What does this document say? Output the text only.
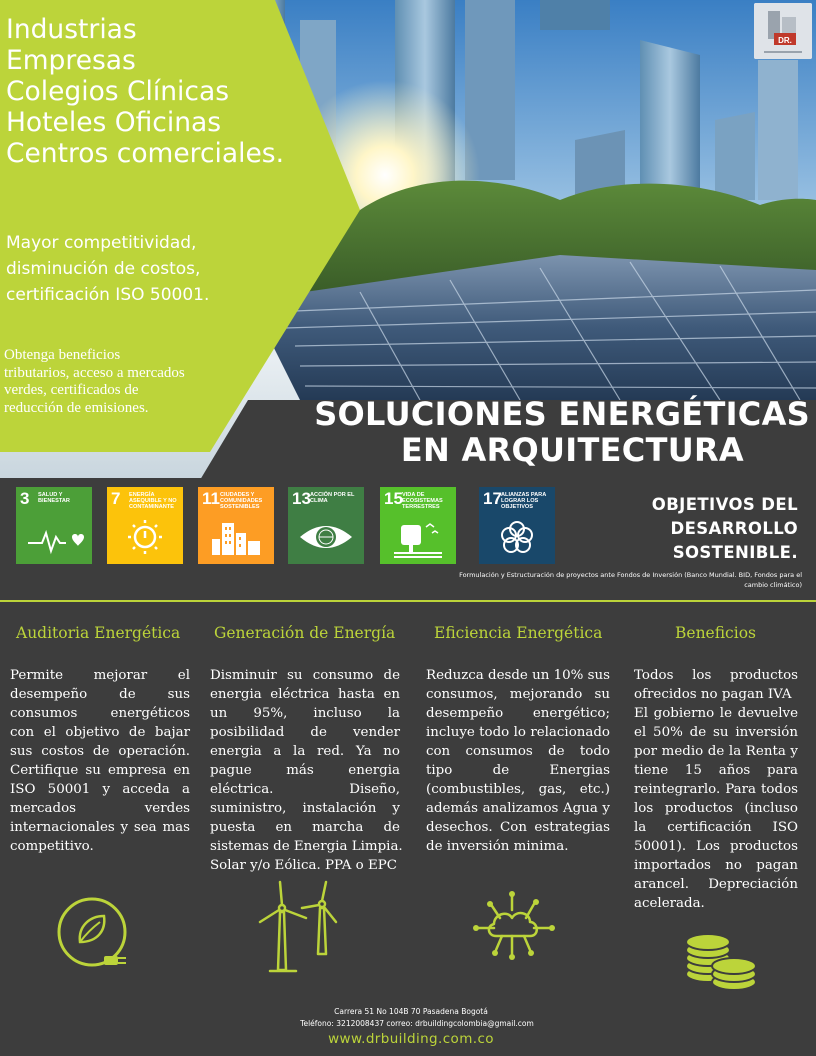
Industrias
Empresas
Colegios Clínicas
Hoteles Oficinas
Centros comerciales.
Mayor competitividad,
disminución de costos,
certificación ISO 50001.
Obtenga beneficios
tributarios, acceso a mercados
verdes, certificados de
reducción de emisiones.
DR.
SOLUCIONES ENERGÉTICAS
EN ARQUITECTURA
3 SALUD Y BIENESTAR	7 ENERGÍA ASEQUIBLE Y NO CONTAMINANTE	11 CIUDADES Y COMUNIDADES SOSTENIBLES	13 ACCIÓN POR EL CLIMA	15 VIDA DE ECOSISTEMAS TERRESTRES	17 ALIANZAS PARA LOGRAR LOS OBJETIVOS	OBJETIVOS DEL
DESARROLLO
SOSTENIBLE.
Formulación y Estructuración de proyectos ante Fondos de Inversión (Banco Mundial. BID, Fondos para el
cambio climático)
Auditoria Energética
Permite mejorar el
desempeño de sus
consumos energéticos
con el objetivo de bajar
sus costos de operación.
Certifique su empresa en
ISO 50001 y acceda a
mercados verdes
internacionales y sea mas
competitivo.
Generación de Energía
Disminuir su consumo de
energia eléctrica hasta en
un 95%, incluso la
posibilidad de vender
energia a la red. Ya no
pague más energia
eléctrica. Diseño,
suministro, instalación y
puesta en marcha de
sistemas de Energia Limpia.
Solar y/o Eólica. PPA o EPC
Eficiencia Energética
Reduzca desde un 10% sus
consumos, mejorando su
desempeño energético;
incluye todo lo relacionado
con consumos de todo
tipo de Energias
(combustibles, gas, etc.)
además analizamos Agua y
desechos. Con estrategias
de inversión minima.
Beneficios
Todos los productos
ofrecidos no pagan IVA
El gobierno le devuelve
el 50% de su inversión
por medio de la Renta y
tiene 15 años para
reintegrarlo. Para todos
los productos (incluso
la certificación ISO
50001). Los productos
importados no pagan
arancel. Depreciación
acelerada.
Carrera 51 No 104B 70 Pasadena Bogotá
Teléfono: 3212008437 correo: drbuildingcolombia@gmail.com
www.drbuilding.com.co
